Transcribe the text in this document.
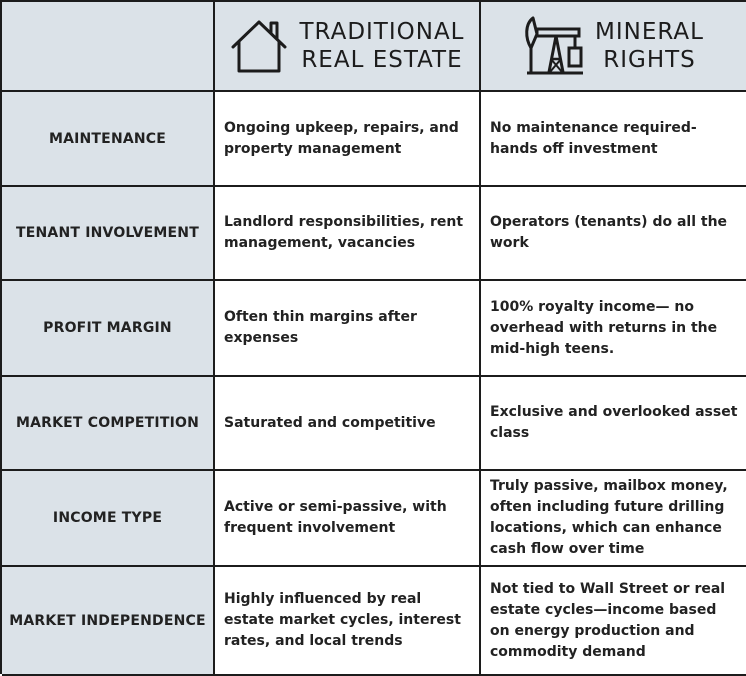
TRADITIONAL
REAL ESTATE
MINERAL
RIGHTS
MAINTENANCE
Ongoing upkeep, repairs, and property management
No maintenance required- hands off investment
TENANT INVOLVEMENT
Landlord responsibilities, rent management, vacancies
Operators (tenants) do all the work
PROFIT MARGIN
Often thin margins after expenses
100% royalty income— no overhead with returns in the mid-high teens.
MARKET COMPETITION	Saturated and competitive
Exclusive and overlooked asset class
INCOME TYPE
Active or semi-passive, with frequent involvement
Truly passive, mailbox money, often including future drilling locations, which can enhance cash flow over time
MARKET INDEPENDENCE
Highly influenced by real estate market cycles, interest rates, and local trends
Not tied to Wall Street or real estate cycles—income based on energy production and commodity demand
